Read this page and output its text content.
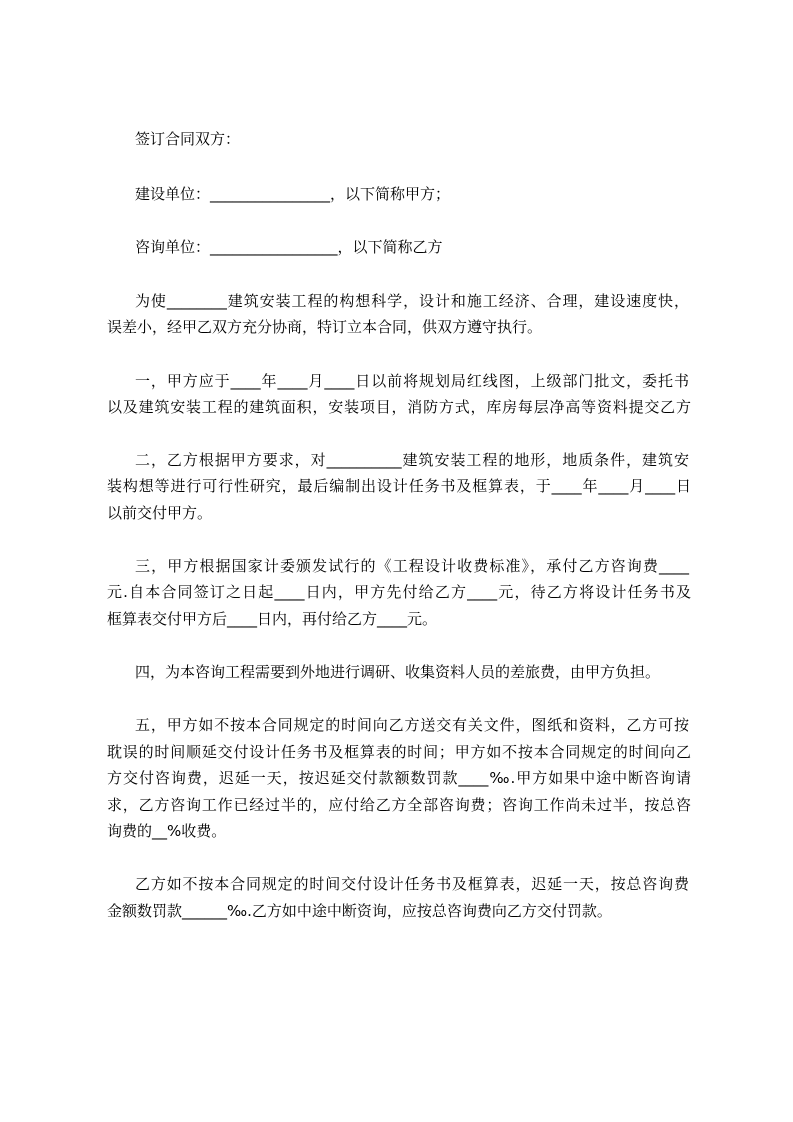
签订合同双方：

建设单位：________________，以下简称甲方；

咨询单位：_________________，以下简称乙方

为使________建筑安装工程的构想科学，设计和施工经济、合理，建设速度快，

误差小，经甲乙双方充分协商，特订立本合同，供双方遵守执行。

一，甲方应于____年____月____日以前将规划局红线图，上级部门批文，委托书

以及建筑安装工程的建筑面积，安装项目，消防方式，库房每层净高等资料提交乙方

二，乙方根据甲方要求，对__________建筑安装工程的地形，地质条件，建筑安

装构想等进行可行性研究，最后编制出设计任务书及框算表，于____年____月____日

以前交付甲方。

三，甲方根据国家计委颁发试行的《工程设计收费标准》，承付乙方咨询费____

元.自本合同签订之日起____日内，甲方先付给乙方____元，待乙方将设计任务书及

框算表交付甲方后____日内，再付给乙方____元。

四，为本咨询工程需要到外地进行调研、收集资料人员的差旅费，由甲方负担。

五，甲方如不按本合同规定的时间向乙方送交有关文件，图纸和资料，乙方可按

耽误的时间顺延交付设计任务书及框算表的时间；甲方如不按本合同规定的时间向乙

方交付咨询费，迟延一天，按迟延交付款额数罚款____‰.甲方如果中途中断咨询请

求，乙方咨询工作已经过半的，应付给乙方全部咨询费；咨询工作尚未过半，按总咨

询费的__%收费。

乙方如不按本合同规定的时间交付设计任务书及框算表，迟延一天，按总咨询费

金额数罚款______‰.乙方如中途中断资询，应按总咨询费向乙方交付罚款。
